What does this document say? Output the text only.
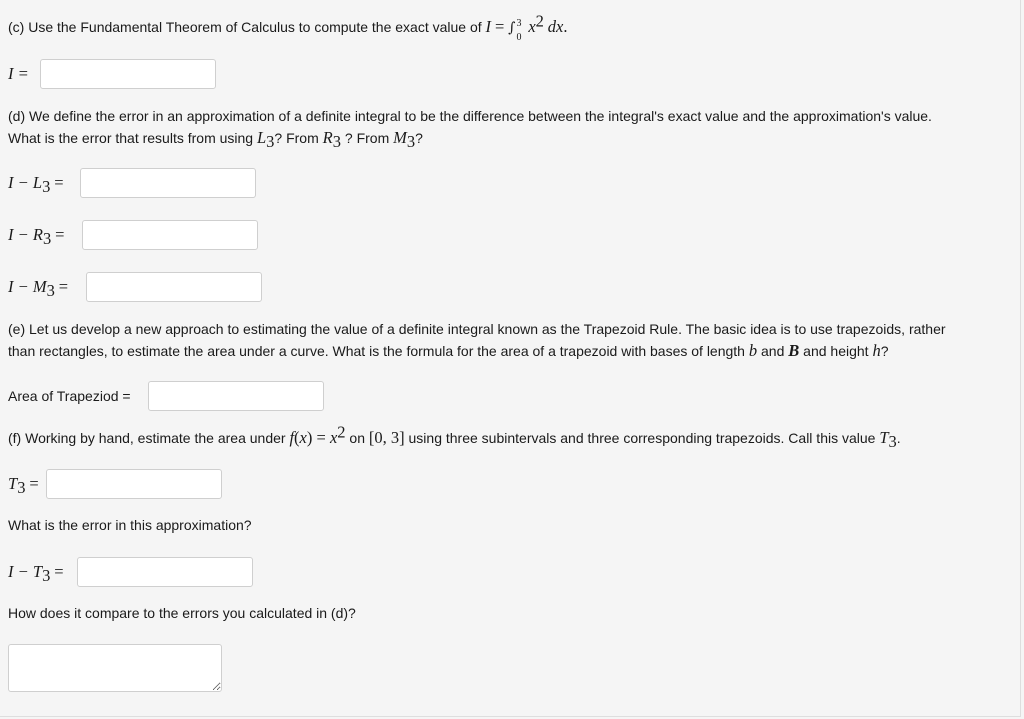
(c) Use the Fundamental Theorem of Calculus to compute the exact value of I = ∫ 3
0
$x^2$ dx.
I =
(d) We define the error in an approximation of a definite integral to be the difference between the integral's exact value and the approximation's value.
What is the error that results from using $L_3$? From $R_3$ ? From $M_3$?
$I - L_3$ =
$I - R_3$ =
$I - M_3$ =
(e) Let us develop a new approach to estimating the value of a definite integral known as the Trapezoid Rule. The basic idea is to use trapezoids, rather
than rectangles, to estimate the area under a curve. What is the formula for the area of a trapezoid with bases of length b and B and height h?
Area of Trapeziod =
(f) Working by hand, estimate the area under $f(x) = x^2$ on [0, 3] using three subintervals and three corresponding trapezoids. Call this value $T_3$.
$T_3$ =
What is the error in this approximation?
$I - T_3$ =
How does it compare to the errors you calculated in (d)?
